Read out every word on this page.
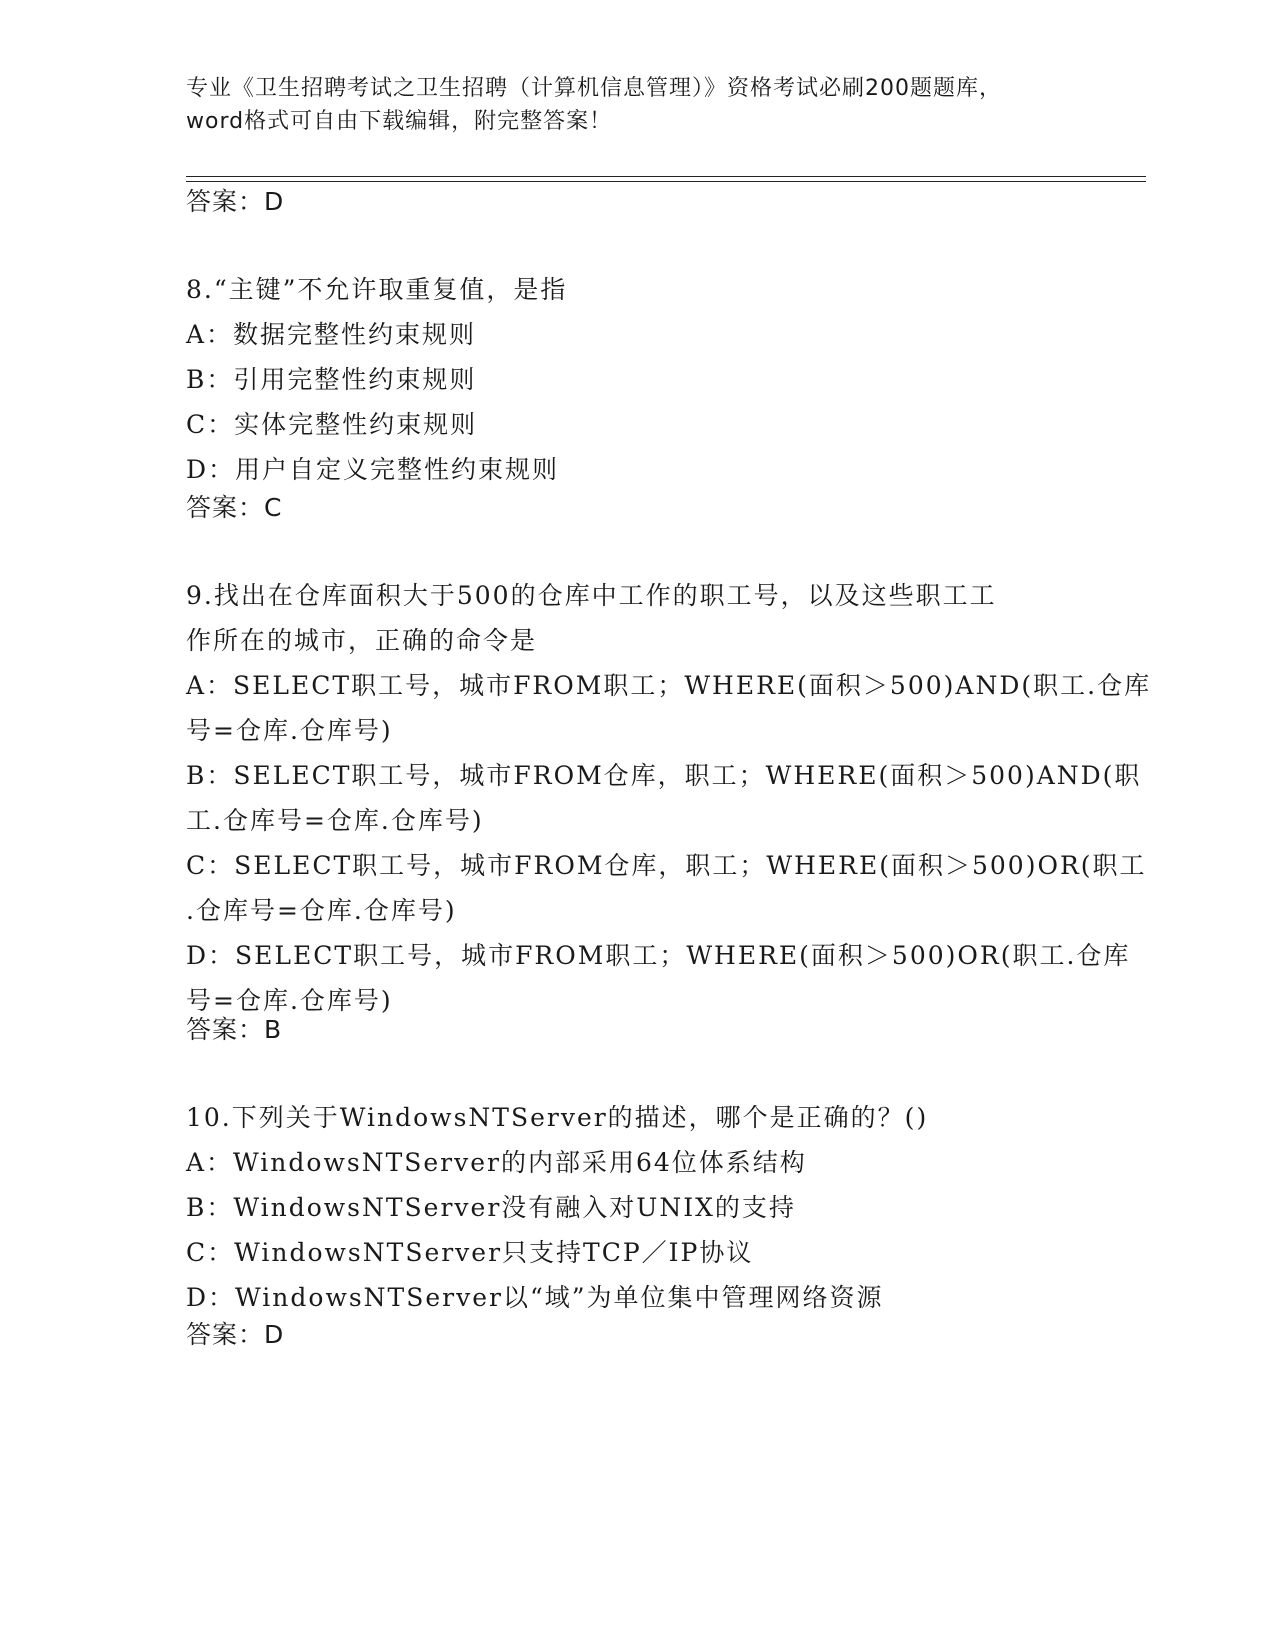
专业《卫生招聘考试之卫生招聘（计算机信息管理）》资格考试必刷200题题库，
word格式可自由下载编辑，附完整答案！
答案：D
8.“主键”不允许取重复值，是指
A：数据完整性约束规则
B：引用完整性约束规则
C：实体完整性约束规则
D：用户自定义完整性约束规则
答案：C
9.找出在仓库面积大于500的仓库中工作的职工号，以及这些职工工
作所在的城市，正确的命令是
A：SELECT职工号，城市FROM职工；WHERE(面积＞500)AND(职工.仓库
号=仓库.仓库号)
B：SELECT职工号，城市FROM仓库，职工；WHERE(面积＞500)AND(职
工.仓库号=仓库.仓库号)
C：SELECT职工号，城市FROM仓库，职工；WHERE(面积＞500)OR(职工
.仓库号=仓库.仓库号)
D：SELECT职工号，城市FROM职工；WHERE(面积＞500)OR(职工.仓库
号=仓库.仓库号)
答案：B
10.下列关于WindowsNTServer的描述，哪个是正确的？()
A：WindowsNTServer的内部采用64位体系结构
B：WindowsNTServer没有融入对UNIX的支持
C：WindowsNTServer只支持TCP／IP协议
D：WindowsNTServer以“域”为单位集中管理网络资源
答案：D
